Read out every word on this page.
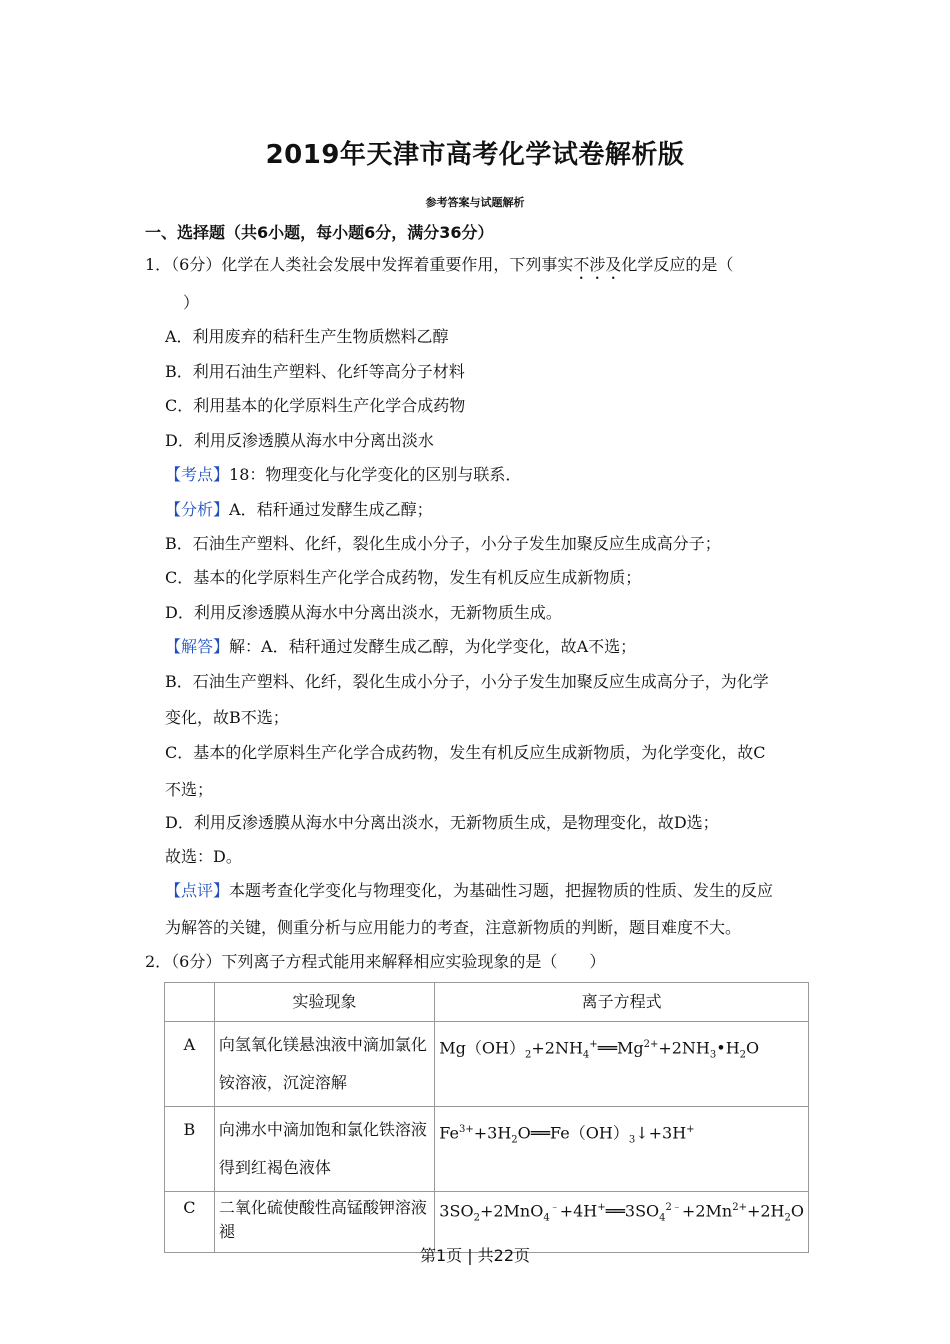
2019年天津市高考化学试卷解析版
参考答案与试题解析
一、选择题（共6小题，每小题6分，满分36分）
1．（6分）化学在人类社会发展中发挥着重要作用，下列事实不涉及化学反应的是（
）
A．利用废弃的秸秆生产生物质燃料乙醇
B．利用石油生产塑料、化纤等高分子材料
C．利用基本的化学原料生产化学合成药物
D．利用反渗透膜从海水中分离出淡水
【考点】18：物理变化与化学变化的区别与联系．
【分析】A．秸秆通过发酵生成乙醇；
B．石油生产塑料、化纤，裂化生成小分子，小分子发生加聚反应生成高分子；
C．基本的化学原料生产化学合成药物，发生有机反应生成新物质；
D．利用反渗透膜从海水中分离出淡水，无新物质生成。
【解答】解：A．秸秆通过发酵生成乙醇，为化学变化，故A不选；
B．石油生产塑料、化纤，裂化生成小分子，小分子发生加聚反应生成高分子，为化学
变化，故B不选；
C．基本的化学原料生产化学合成药物，发生有机反应生成新物质，为化学变化，故C
不选；
D．利用反渗透膜从海水中分离出淡水，无新物质生成，是物理变化，故D选；
故选：D。
【点评】本题考查化学变化与物理变化，为基础性习题，把握物质的性质、发生的反应
为解答的关键，侧重分析与应用能力的考查，注意新物质的判断，题目难度不大。
2．（6分）下列离子方程式能用来解释相应实验现象的是（　　）
	实验现象	离子方程式
A	向氢氧化镁悬浊液中滴加氯化铵溶液，沉淀溶解	$Mg(OH)_2+2NH_4^+══Mg^{2+}+2NH_3•H_2O$
B	向沸水中滴加饱和氯化铁溶液得到红褐色液体	$Fe^{3+}+3H_2O══Fe(OH)_3↓+3H^+$
C	二氧化硫使酸性高锰酸钾溶液褪	$3SO_2+2MnO_4^﹣+4H^+══3SO_4^{2﹣}+2Mn^{2+}+2H_2O$
第1页 | 共22页
